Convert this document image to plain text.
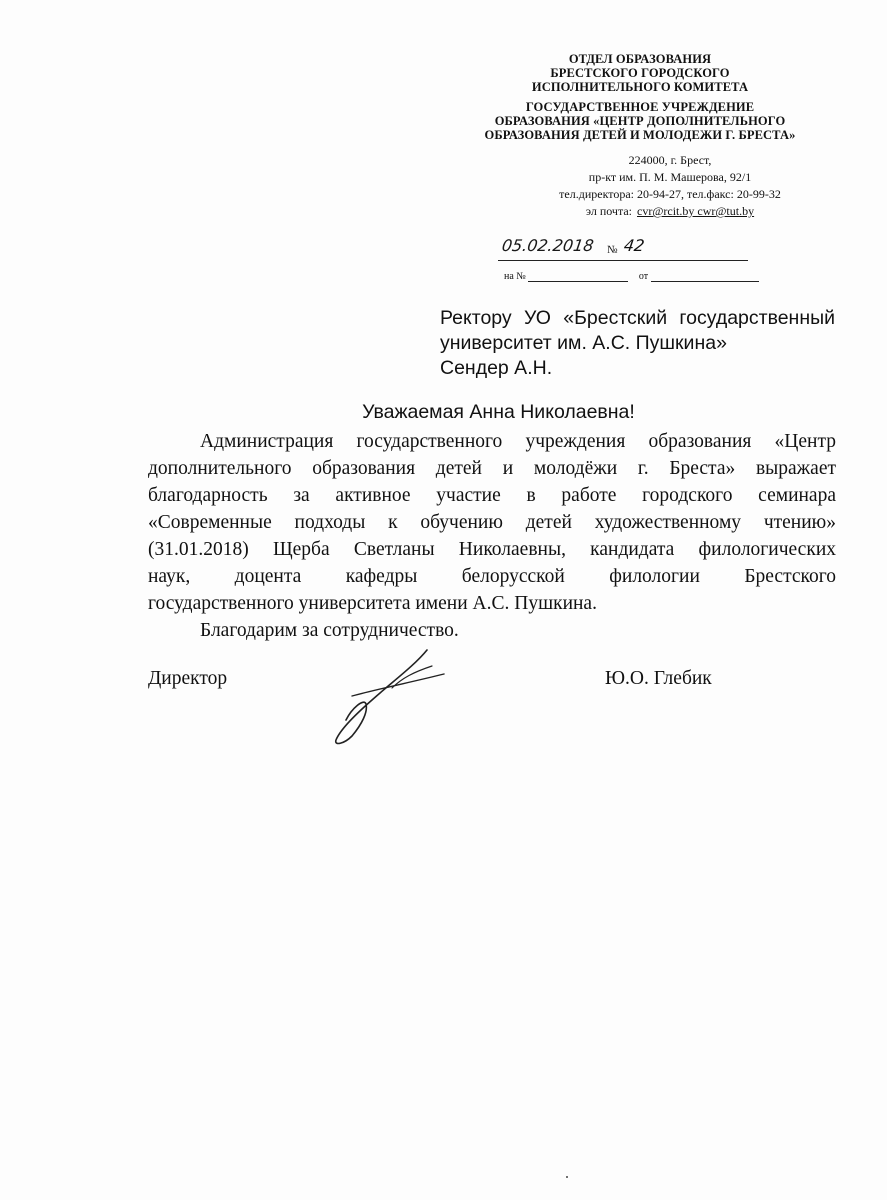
ОТДЕЛ ОБРАЗОВАНИЯ
БРЕСТСКОГО ГОРОДСКОГО
ИСПОЛНИТЕЛЬНОГО КОМИТЕТА
ГОСУДАРСТВЕННОЕ УЧРЕЖДЕНИЕ
ОБРАЗОВАНИЯ «ЦЕНТР ДОПОЛНИТЕЛЬНОГО
ОБРАЗОВАНИЯ ДЕТЕЙ И МОЛОДЕЖИ Г. БРЕСТА»
224000, г. Брест,
пр-кт им. П. М. Машерова, 92/1
тел.директора: 20-94-27, тел.факс: 20-99-32
эл почта: cvr@rcit.by cwr@tut.by
05.02.2018 № 42
на №	от
Ректору УО «Брестский государственный
университет им. А.С. Пушкина»
Сендер А.Н.
Уважаемая Анна Николаевна!
Администрация государственного учреждения образования «Центр
дополнительного образования детей и молодёжи г. Бреста» выражает
благодарность за активное участие в работе городского семинара
«Современные подходы к обучению детей художественному чтению»
(31.01.2018) Щерба Светланы Николаевны, кандидата филологических
наук, доцента кафедры белорусской филологии Брестского
государственного университета имени А.С. Пушкина.
Благодарим за сотрудничество.
Директор	Ю.О. Глебик
